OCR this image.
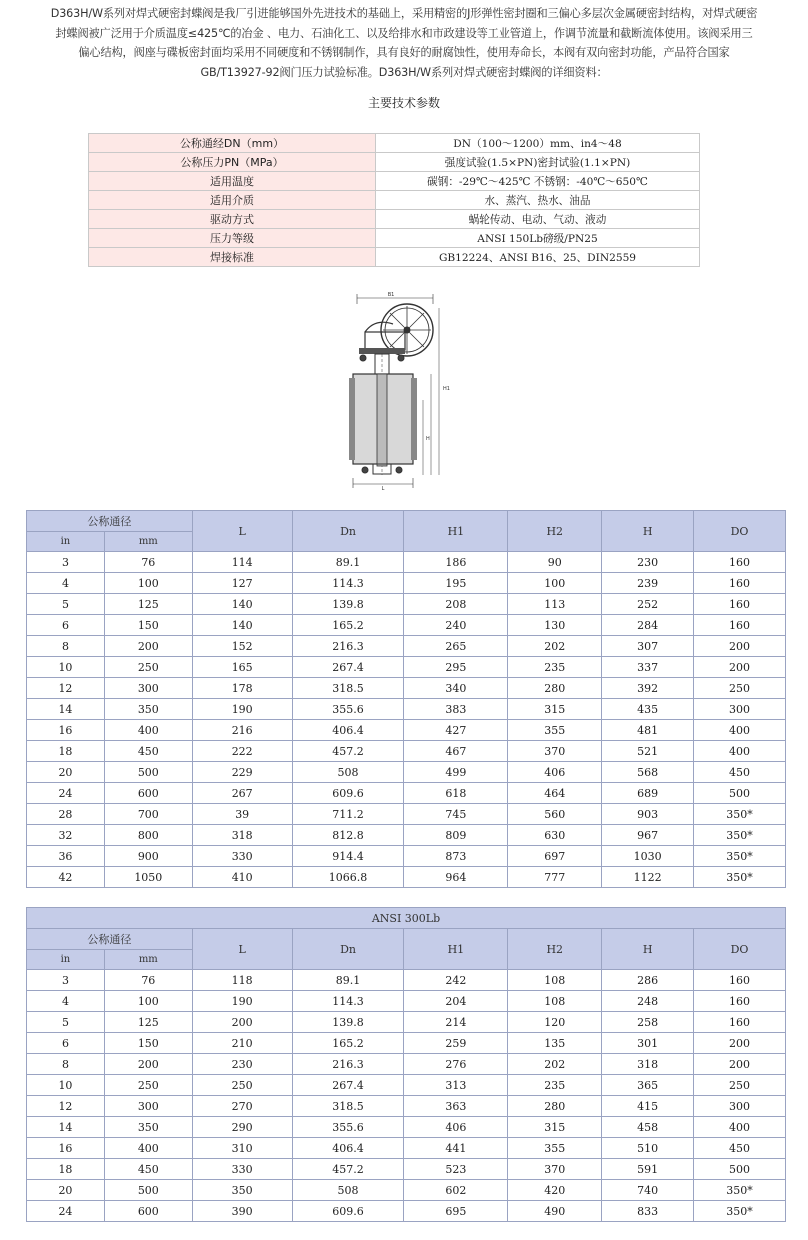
D363H/W系列对焊式硬密封蝶阀是我厂引进能够国外先进技术的基础上，采用精密的J形弹性密封圈和三偏心多层次金属硬密封结构，对焊式硬密

封蝶阀被广泛用于介质温度≤425℃的冶金 、电力、石油化工、以及给排水和市政建设等工业管道上，作调节流量和截断流体使用。该阀采用三

偏心结构，阀座与碟板密封面均采用不同硬度和不锈钢制作，具有良好的耐腐蚀性，使用寿命长，本阀有双向密封功能，产品符合国家

GB/T13927-92阀门压力试验标准。D363H/W系列对焊式硬密封蝶阀的详细资料：

主要技术参数
公称通经DN（mm）	DN（100～1200）mm、in4～48
公称压力PN（MPa）	强度试验(1.5×PN)密封试验(1.1×PN)
适用温度	碳钢：-29℃～425℃ 不锈钢：-40℃～650℃
适用介质	水、蒸汽、热水、油品
驱动方式	蜗轮传动、电动、气动、液动
压力等级	ANSI 150Lb磅级/PN25
焊接标准	GB12224、ANSI B16、25、DIN2559
B1
H1
H
L
公称通径		L	Dn	H1	H2	H	DO
in	mm						
3	76	114	89.1	186	90	230	160
4	100	127	114.3	195	100	239	160
5	125	140	139.8	208	113	252	160
6	150	140	165.2	240	130	284	160
8	200	152	216.3	265	202	307	200
10	250	165	267.4	295	235	337	200
12	300	178	318.5	340	280	392	250
14	350	190	355.6	383	315	435	300
16	400	216	406.4	427	355	481	400
18	450	222	457.2	467	370	521	400
20	500	229	508	499	406	568	450
24	600	267	609.6	618	464	689	500
28	700	39	711.2	745	560	903	350*
32	800	318	812.8	809	630	967	350*
36	900	330	914.4	873	697	1030	350*
42	1050	410	1066.8	964	777	1122	350*
ANSI 300Lb							
公称通径		L	Dn	H1	H2	H	DO
in	mm						
3	76	118	89.1	242	108	286	160
4	100	190	114.3	204	108	248	160
5	125	200	139.8	214	120	258	160
6	150	210	165.2	259	135	301	200
8	200	230	216.3	276	202	318	200
10	250	250	267.4	313	235	365	250
12	300	270	318.5	363	280	415	300
14	350	290	355.6	406	315	458	400
16	400	310	406.4	441	355	510	450
18	450	330	457.2	523	370	591	500
20	500	350	508	602	420	740	350*
24	600	390	609.6	695	490	833	350*
